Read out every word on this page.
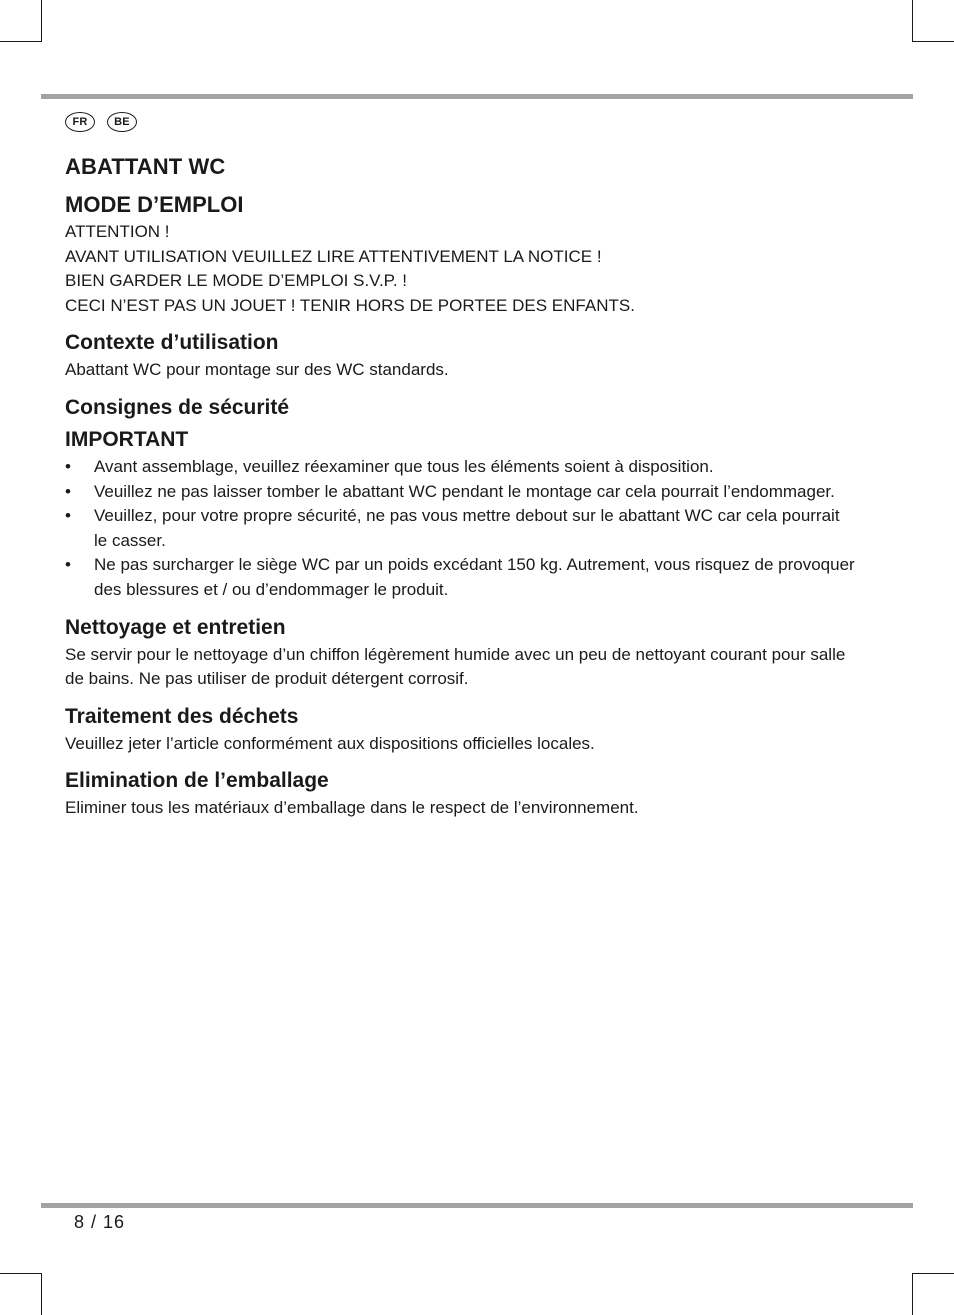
FR	BE
ABATTANT WC
MODE D’EMPLOI

ATTENTION !

AVANT UTILISATION VEUILLEZ LIRE ATTENTIVEMENT LA NOTICE !

BIEN GARDER LE MODE D’EMPLOI S.V.P. !

CECI N’EST PAS UN JOUET ! TENIR HORS DE PORTEE DES ENFANTS.

Contexte d’utilisation

Abattant WC pour montage sur des WC standards.

Consignes de sécurité
IMPORTANT
• Avant assemblage, veuillez réexaminer que tous les éléments soient à disposition.
• Veuillez ne pas laisser tomber le abattant WC pendant le montage car cela pourrait l’endommager.
• Veuillez, pour votre propre sécurité, ne pas vous mettre debout sur le abattant WC car cela pourrait le casser.
• Ne pas surcharger le siège WC par un poids excédant 150 kg. Autrement, vous risquez de provoquer des blessures et / ou d’endommager le produit.
Nettoyage et entretien

Se servir pour le nettoyage d’un chiffon légèrement humide avec un peu de nettoyant courant pour salle de bains. Ne pas utiliser de produit détergent corrosif.

Traitement des déchets

Veuillez jeter l’article conformément aux dispositions officielles locales.

Elimination de l’emballage

Eliminer tous les matériaux d’emballage dans le respect de l’environnement.

8 / 16
